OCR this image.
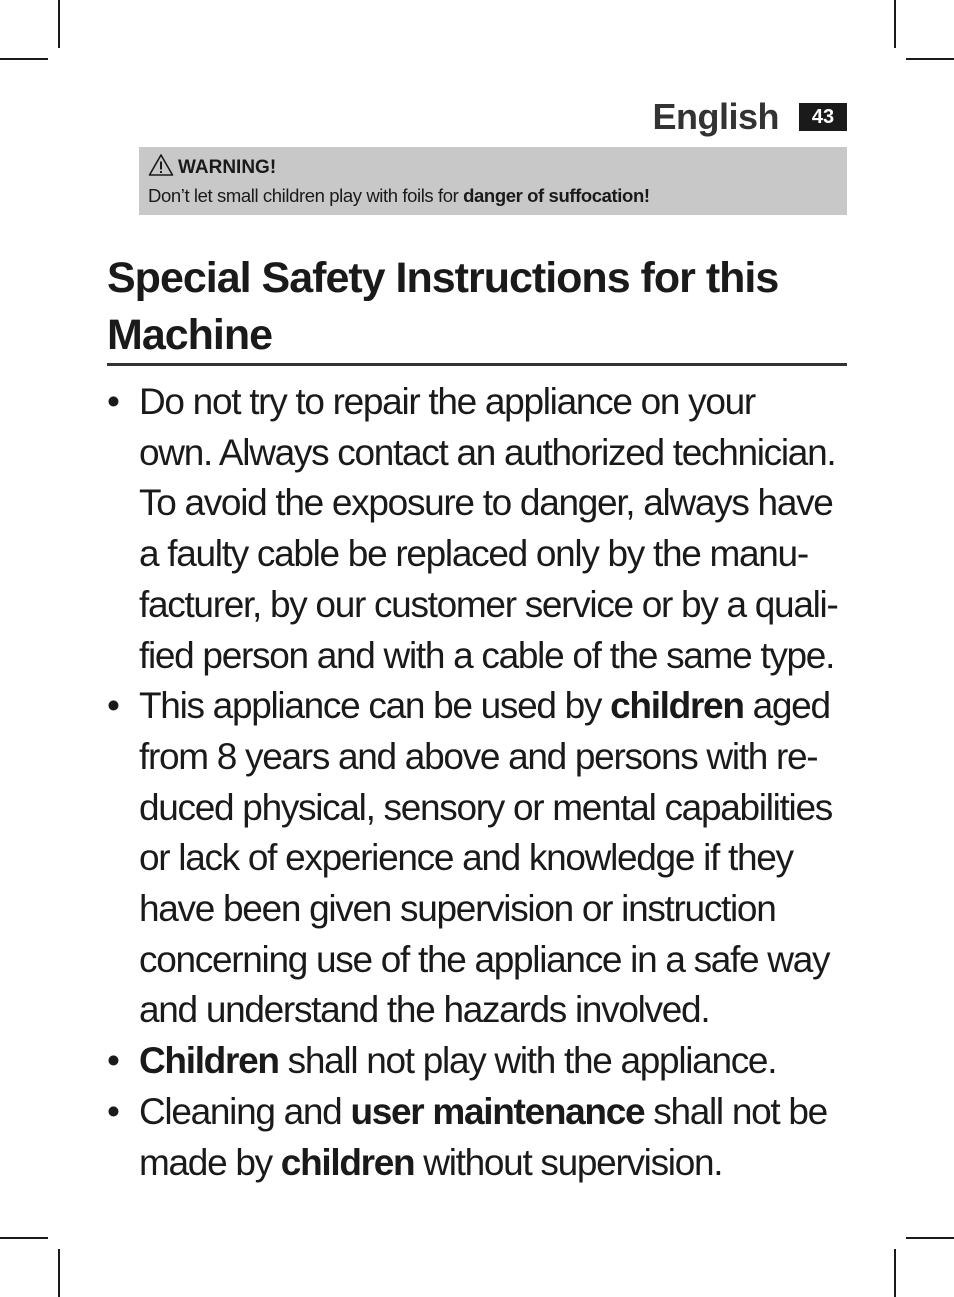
English	43
WARNING!
Don’t let small children play with foils for danger of suffocation!
Special Safety Instructions for this
Machine
• Do not try to repair the appliance on your
own. Always contact an authorized technician.
To avoid the exposure to danger, always have
a faulty cable be replaced only by the manu-
facturer, by our customer service or by a quali-
fied person and with a cable of the same type.
• This appliance can be used by children aged
from 8 years and above and persons with re-
duced physical, sensory or mental capabilities
or lack of experience and knowledge if they
have been given supervision or instruction
concerning use of the appliance in a safe way
and understand the hazards involved.
• Children shall not play with the appliance.
• Cleaning and user maintenance shall not be
made by children without supervision.
